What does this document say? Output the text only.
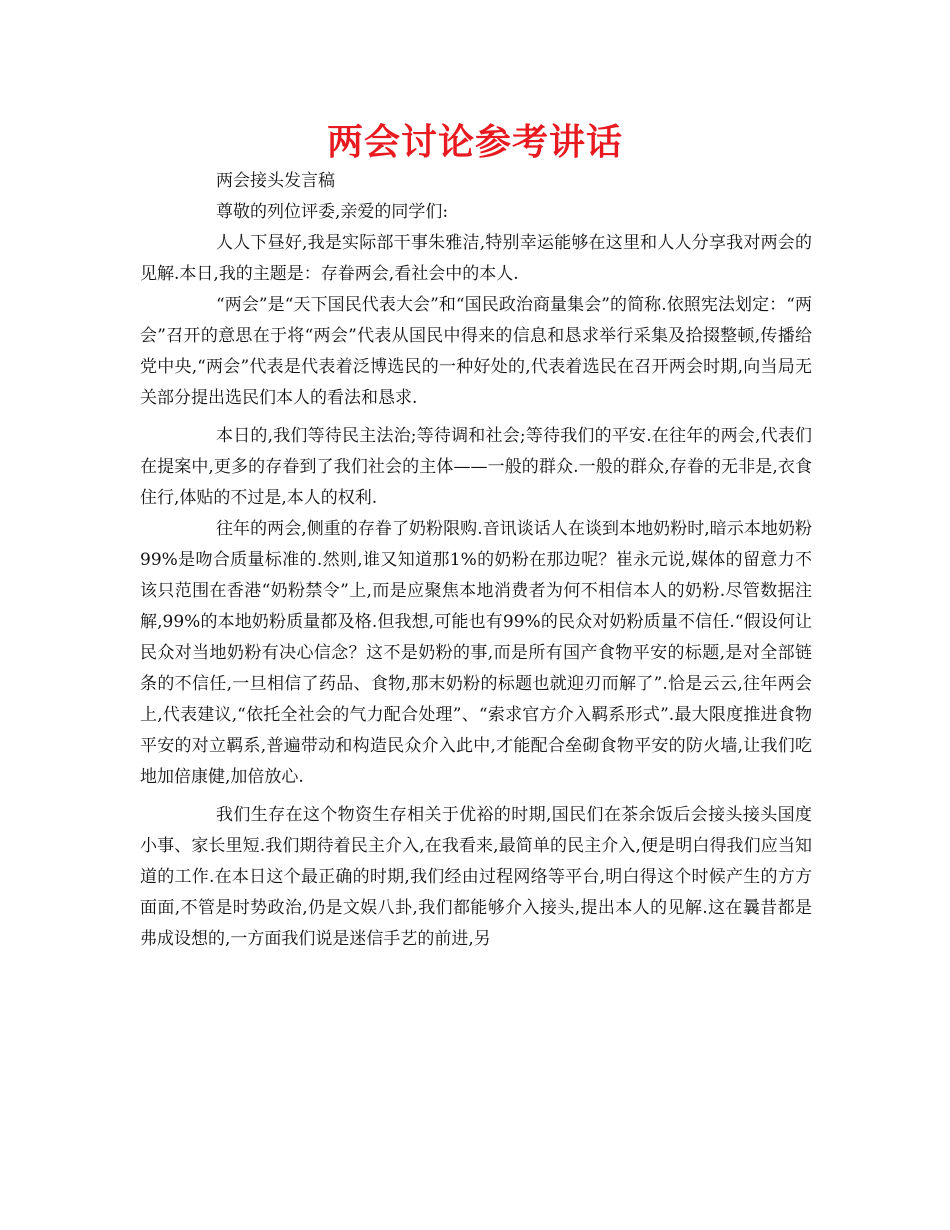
两会讨论参考讲话

两会接头发言稿

尊敬的列位评委,亲爱的同学们:

人人下昼好,我是实际部干事朱雅洁,特别幸运能够在这里和人人分享我对两会的见解.本日,我的主题是：存眷两会,看社会中的本人.

“两会”是“天下国民代表大会”和“国民政治商量集会”的简称.依照宪法划定：“两会”召开的意思在于将“两会”代表从国民中得来的信息和恳求举行采集及拾掇整顿,传播给党中央,“两会”代表是代表着泛博选民的一种好处的,代表着选民在召开两会时期,向当局无关部分提出选民们本人的看法和恳求.

本日的,我们等待民主法治;等待调和社会;等待我们的平安.在往年的两会,代表们在提案中,更多的存眷到了我们社会的主体——一般的群众.一般的群众,存眷的无非是,衣食住行,体贴的不过是,本人的权利.

往年的两会,侧重的存眷了奶粉限购.音讯谈话人在谈到本地奶粉时,暗示本地奶粉99%是吻合质量标准的.然则,谁又知道那1%的奶粉在那边呢？崔永元说,媒体的留意力不该只范围在香港“奶粉禁令”上,而是应聚焦本地消费者为何不相信本人的奶粉.尽管数据注解,99%的本地奶粉质量都及格.但我想,可能也有99%的民众对奶粉质量不信任.“假设何让民众对当地奶粉有决心信念？这不是奶粉的事,而是所有国产食物平安的标题,是对全部链条的不信任,一旦相信了药品、食物,那末奶粉的标题也就迎刃而解了”.恰是云云,往年两会上,代表建议,“依托全社会的气力配合处理”、“索求官方介入羁系形式”.最大限度推进食物平安的对立羁系,普遍带动和构造民众介入此中,才能配合垒砌食物平安的防火墙,让我们吃地加倍康健,加倍放心.

我们生存在这个物资生存相关于优裕的时期,国民们在茶余饭后会接头接头国度小事、家长里短.我们期待着民主介入,在我看来,最简单的民主介入,便是明白得我们应当知道的工作.在本日这个最正确的时期,我们经由过程网络等平台,明白得这个时候产生的方方面面,不管是时势政治,仍是文娱八卦,我们都能够介入接头,提出本人的见解.这在曩昔都是弗成设想的,一方面我们说是迷信手艺的前进,另
